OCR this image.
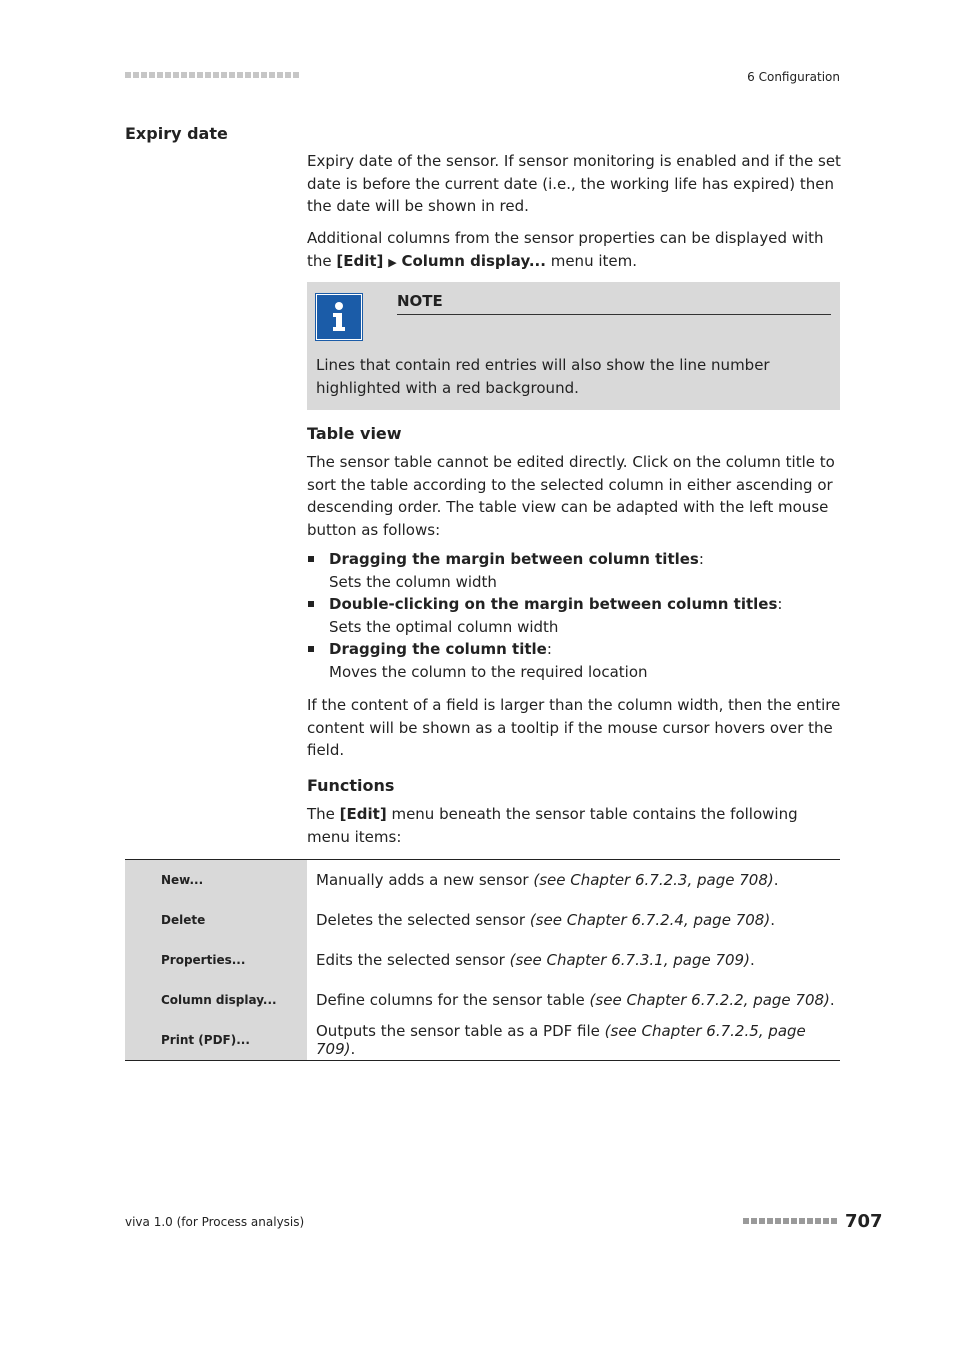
6 Configuration
Expiry date

Expiry date of the sensor. If sensor monitoring is enabled and if the set date is before the current date (i.e., the working life has expired) then the date will be shown in red.

Additional columns from the sensor properties can be displayed with the [Edit] ▶ Column display... menu item.

NOTE
Lines that contain red entries will also show the line number highlighted with a red background.
Table view

The sensor table cannot be edited directly. Click on the column title to sort the table according to the selected column in either ascending or descending order. The table view can be adapted with the left mouse button as follows:

Dragging the margin between column titles:
Sets the column width
Double-clicking on the margin between column titles:
Sets the optimal column width
Dragging the column title:
Moves the column to the required location

If the content of a field is larger than the column width, then the entire content will be shown as a tooltip if the mouse cursor hovers over the field.

Functions

The [Edit] menu beneath the sensor table contains the following menu items:

New...	Manually adds a new sensor (see Chapter 6.7.2.3, page 708).
Delete	Deletes the selected sensor (see Chapter 6.7.2.4, page 708).
Properties...	Edits the selected sensor (see Chapter 6.7.3.1, page 709).
Column display...	Define columns for the sensor table (see Chapter 6.7.2.2, page 708).
Print (PDF)...	Outputs the sensor table as a PDF file (see Chapter 6.7.2.5, page 709).
viva 1.0 (for Process analysis)	707
